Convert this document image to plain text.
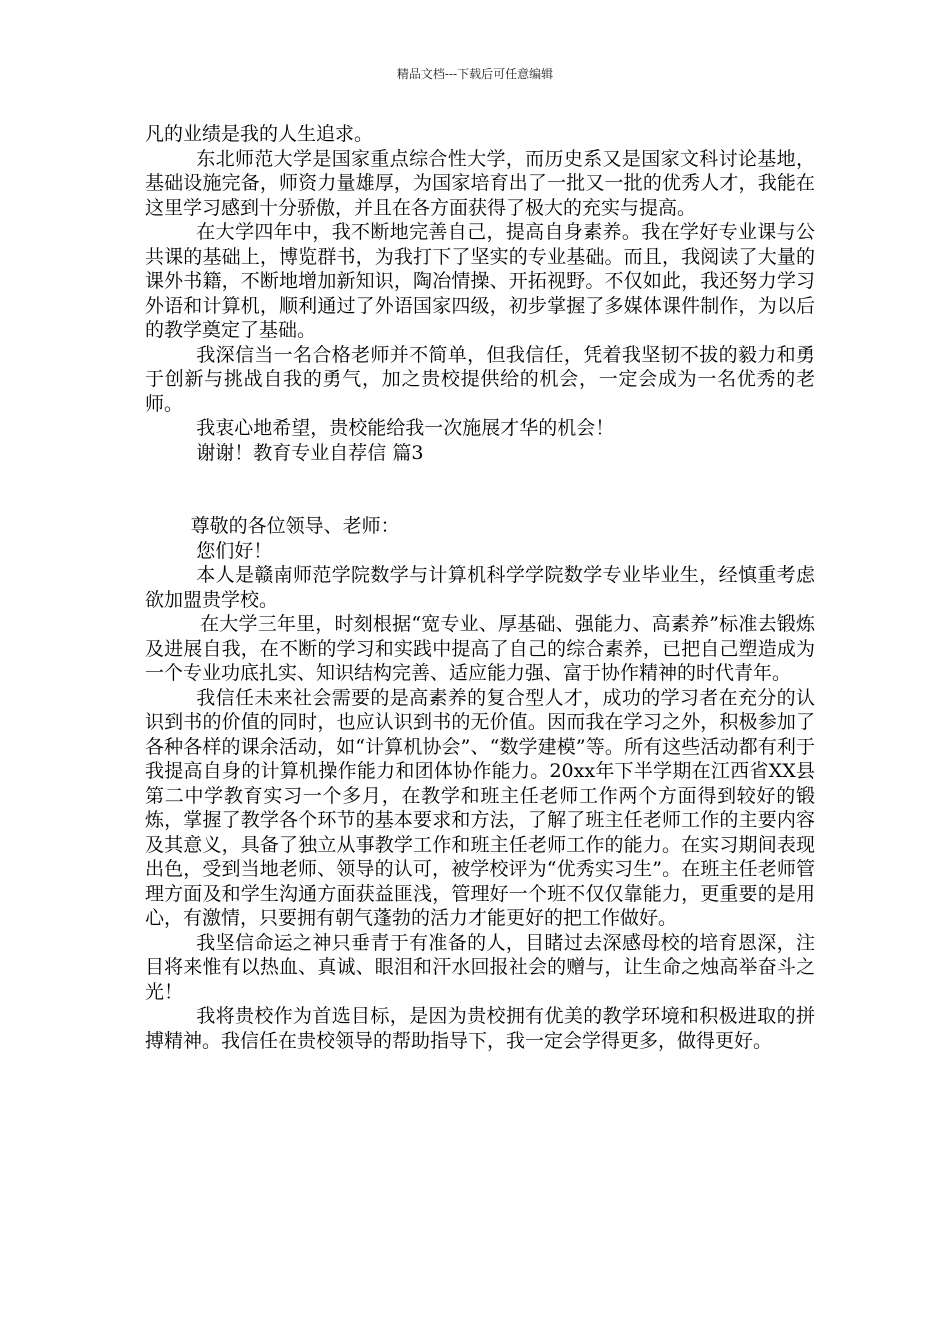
精品文档---下载后可任意编辑

凡的业绩是我的人生追求。

东北师范大学是国家重点综合性大学，而历史系又是国家文科讨论基地，基础设施完备，师资力量雄厚，为国家培育出了一批又一批的优秀人才，我能在这里学习感到十分骄傲，并且在各方面获得了极大的充实与提高。

在大学四年中，我不断地完善自己，提高自身素养。我在学好专业课与公共课的基础上，博览群书，为我打下了坚实的专业基础。而且，我阅读了大量的课外书籍，不断地增加新知识，陶冶情操、开拓视野。不仅如此，我还努力学习外语和计算机，顺利通过了外语国家四级，初步掌握了多媒体课件制作，为以后的教学奠定了基础。

我深信当一名合格老师并不简单，但我信任，凭着我坚韧不拔的毅力和勇于创新与挑战自我的勇气，加之贵校提供给的机会，一定会成为一名优秀的老师。

我衷心地希望，贵校能给我一次施展才华的机会！

谢谢！教育专业自荐信 篇3

尊敬的各位领导、老师：

您们好！

本人是赣南师范学院数学与计算机科学学院数学专业毕业生，经慎重考虑欲加盟贵学校。

在大学三年里，时刻根据“宽专业、厚基础、强能力、高素养”标准去锻炼及进展自我，在不断的学习和实践中提高了自己的综合素养，已把自己塑造成为一个专业功底扎实、知识结构完善、适应能力强、富于协作精神的时代青年。

我信任未来社会需要的是高素养的复合型人才，成功的学习者在充分的认识到书的价值的同时，也应认识到书的无价值。因而我在学习之外，积极参加了各种各样的课余活动，如“计算机协会”、“数学建模”等。所有这些活动都有利于我提高自身的计算机操作能力和团体协作能力。20xx年下半学期在江西省XX县第二中学教育实习一个多月，在教学和班主任老师工作两个方面得到较好的锻炼，掌握了教学各个环节的基本要求和方法，了解了班主任老师工作的主要内容及其意义，具备了独立从事教学工作和班主任老师工作的能力。在实习期间表现出色，受到当地老师、领导的认可，被学校评为“优秀实习生”。在班主任老师管理方面及和学生沟通方面获益匪浅，管理好一个班不仅仅靠能力，更重要的是用心，有激情，只要拥有朝气蓬勃的活力才能更好的把工作做好。

我坚信命运之神只垂青于有准备的人，目睹过去深感母校的培育恩深，注目将来惟有以热血、真诚、眼泪和汗水回报社会的赠与，让生命之烛高举奋斗之光！

我将贵校作为首选目标，是因为贵校拥有优美的教学环境和积极进取的拼搏精神。我信任在贵校领导的帮助指导下，我一定会学得更多，做得更好。
